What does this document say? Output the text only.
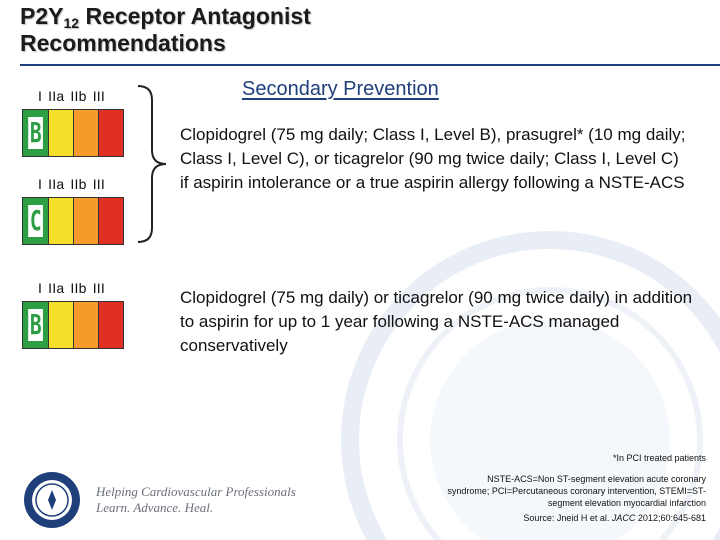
$P2Y_{12}$ Receptor Antagonist
Recommendations
Secondary Prevention
I IIa IIb III
B
I IIa IIb III
C
I IIa IIb III
B
Clopidogrel (75 mg daily; Class I, Level B), prasugrel* (10 mg daily; Class I, Level C), or ticagrelor (90 mg twice daily; Class I, Level C) if aspirin intolerance or a true aspirin allergy following a NSTE-ACS
Clopidogrel (75 mg daily) or ticagrelor (90 mg twice daily) in addition to aspirin for up to 1 year following a NSTE-ACS managed conservatively
*In PCI treated patients
NSTE-ACS=Non ST-segment elevation acute coronary syndrome; PCI=Percutaneous coronary intervention, STEMI=ST-segment elevation myocardial infarction
Source: Jneid H et al. JACC 2012;60:645-681
Helping Cardiovascular Professionals
Learn. Advance. Heal.
